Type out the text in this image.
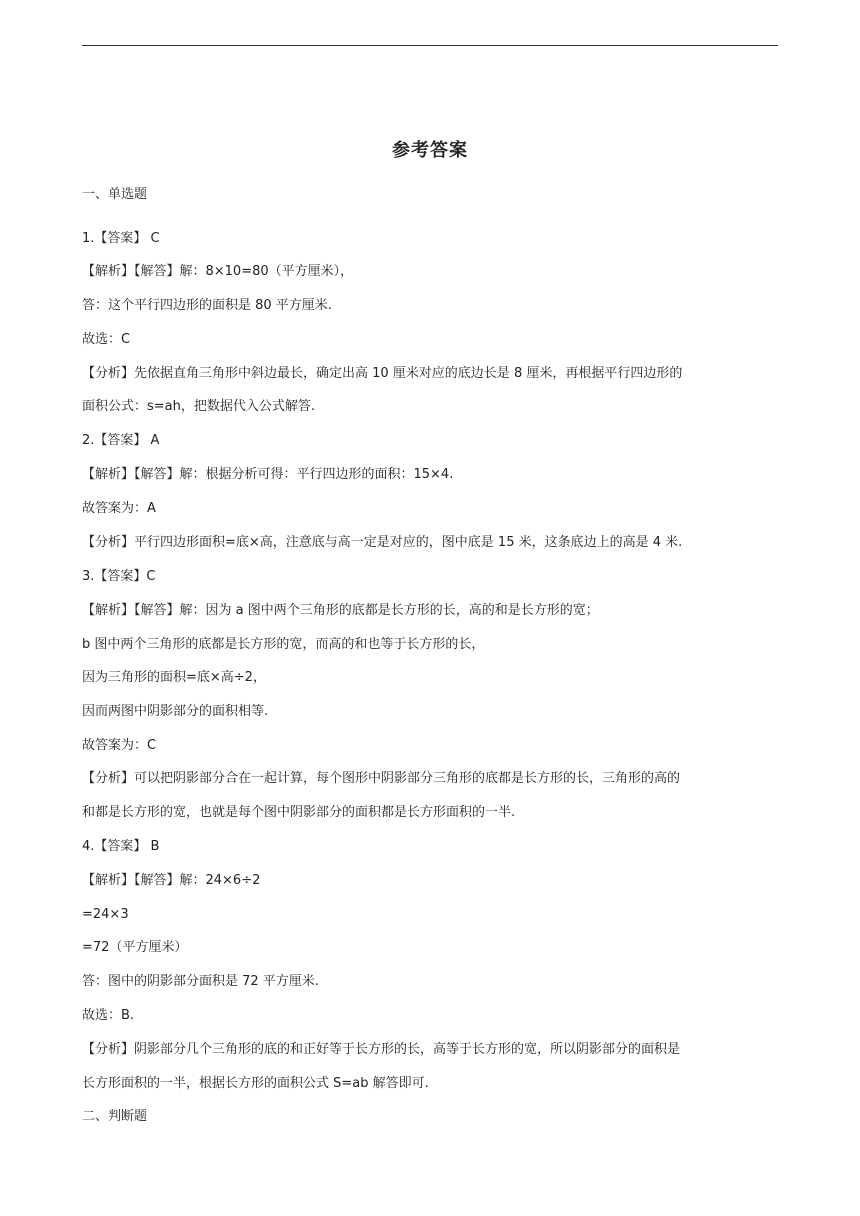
参考答案
一、单选题
1.【答案】 C
【解析】【解答】解：8×10=80（平方厘米），
答：这个平行四边形的面积是 80 平方厘米.
故选：C
【分析】先依据直角三角形中斜边最长，确定出高 10 厘米对应的底边长是 8 厘米，再根据平行四边形的
面积公式：s=ah，把数据代入公式解答.
2.【答案】 A
【解析】【解答】解：根据分析可得：平行四边形的面积：15×4.
故答案为：A
【分析】平行四边形面积=底×高，注意底与高一定是对应的，图中底是 15 米，这条底边上的高是 4 米.
3.【答案】C
【解析】【解答】解：因为 a 图中两个三角形的底都是长方形的长，高的和是长方形的宽；
b 图中两个三角形的底都是长方形的宽，而高的和也等于长方形的长，
因为三角形的面积=底×高÷2，
因而两图中阴影部分的面积相等.
故答案为：C
【分析】可以把阴影部分合在一起计算，每个图形中阴影部分三角形的底都是长方形的长，三角形的高的
和都是长方形的宽，也就是每个图中阴影部分的面积都是长方形面积的一半.
4.【答案】 B
【解析】【解答】解：24×6÷2
=24×3
=72（平方厘米）
答：图中的阴影部分面积是 72 平方厘米.
故选：B.
【分析】阴影部分几个三角形的底的和正好等于长方形的长，高等于长方形的宽，所以阴影部分的面积是
长方形面积的一半，根据长方形的面积公式 S=ab 解答即可.
二、判断题
